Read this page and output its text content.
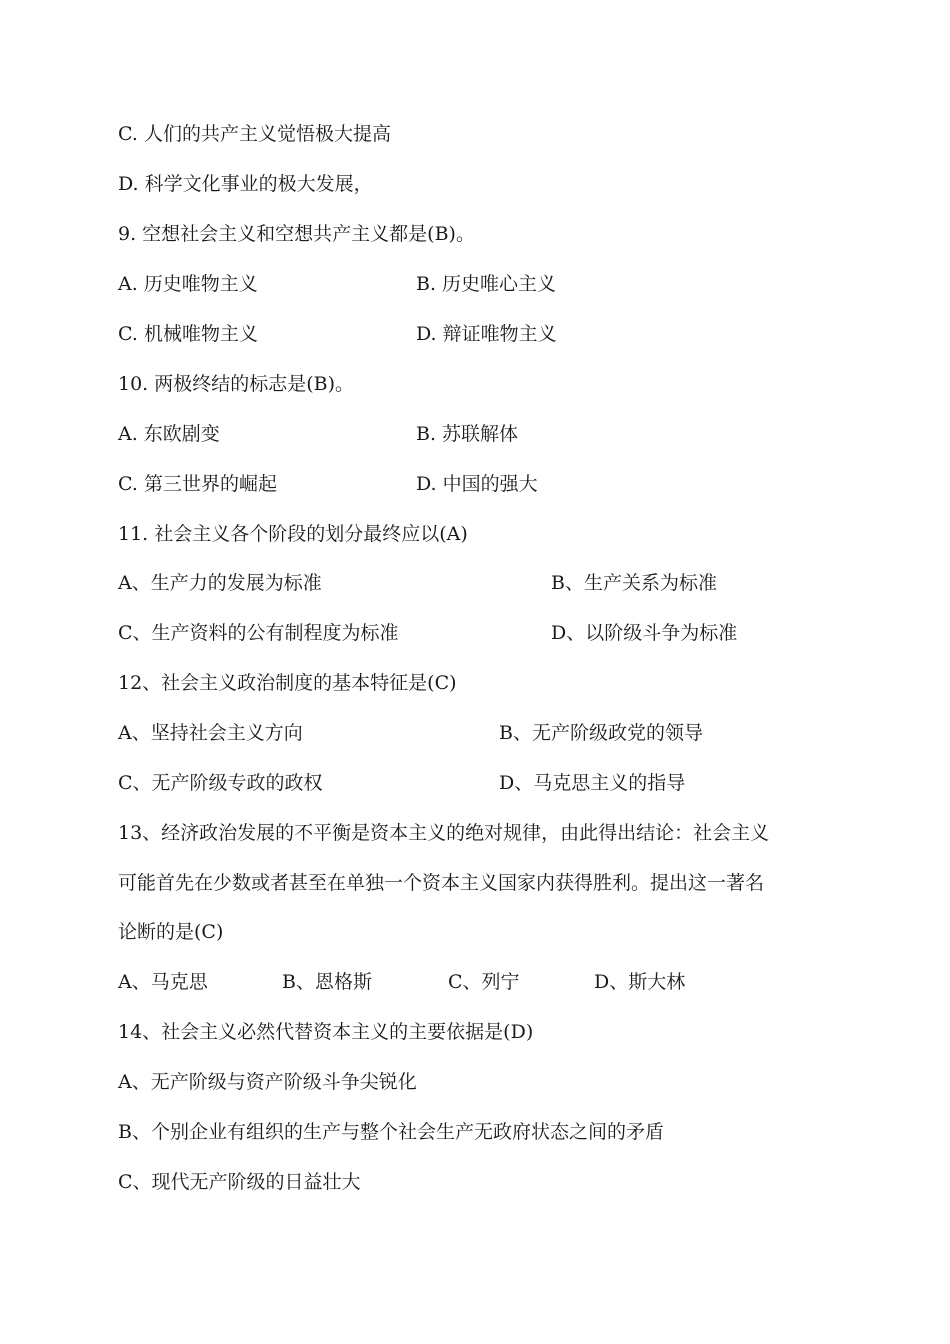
C. 人们的共产主义觉悟极大提高
D. 科学文化事业的极大发展，
9. 空想社会主义和空想共产主义都是(B)。
A. 历史唯物主义	B. 历史唯心主义
C. 机械唯物主义	D. 辩证唯物主义
10. 两极终结的标志是(B)。
A. 东欧剧变	B. 苏联解体
C. 第三世界的崛起	D. 中国的强大
11. 社会主义各个阶段的划分最终应以(A)
A、生产力的发展为标准	B、生产关系为标准
C、生产资料的公有制程度为标准	D、以阶级斗争为标准
12、社会主义政治制度的基本特征是(C)
A、坚持社会主义方向	B、无产阶级政党的领导
C、无产阶级专政的政权	D、马克思主义的指导
13、经济政治发展的不平衡是资本主义的绝对规律，由此得出结论：社会主义
可能首先在少数或者甚至在单独一个资本主义国家内获得胜利。提出这一著名
论断的是(C)
A、马克思	B、恩格斯	C、列宁	D、斯大林
14、社会主义必然代替资本主义的主要依据是(D)
A、无产阶级与资产阶级斗争尖锐化
B、个别企业有组织的生产与整个社会生产无政府状态之间的矛盾
C、现代无产阶级的日益壮大
